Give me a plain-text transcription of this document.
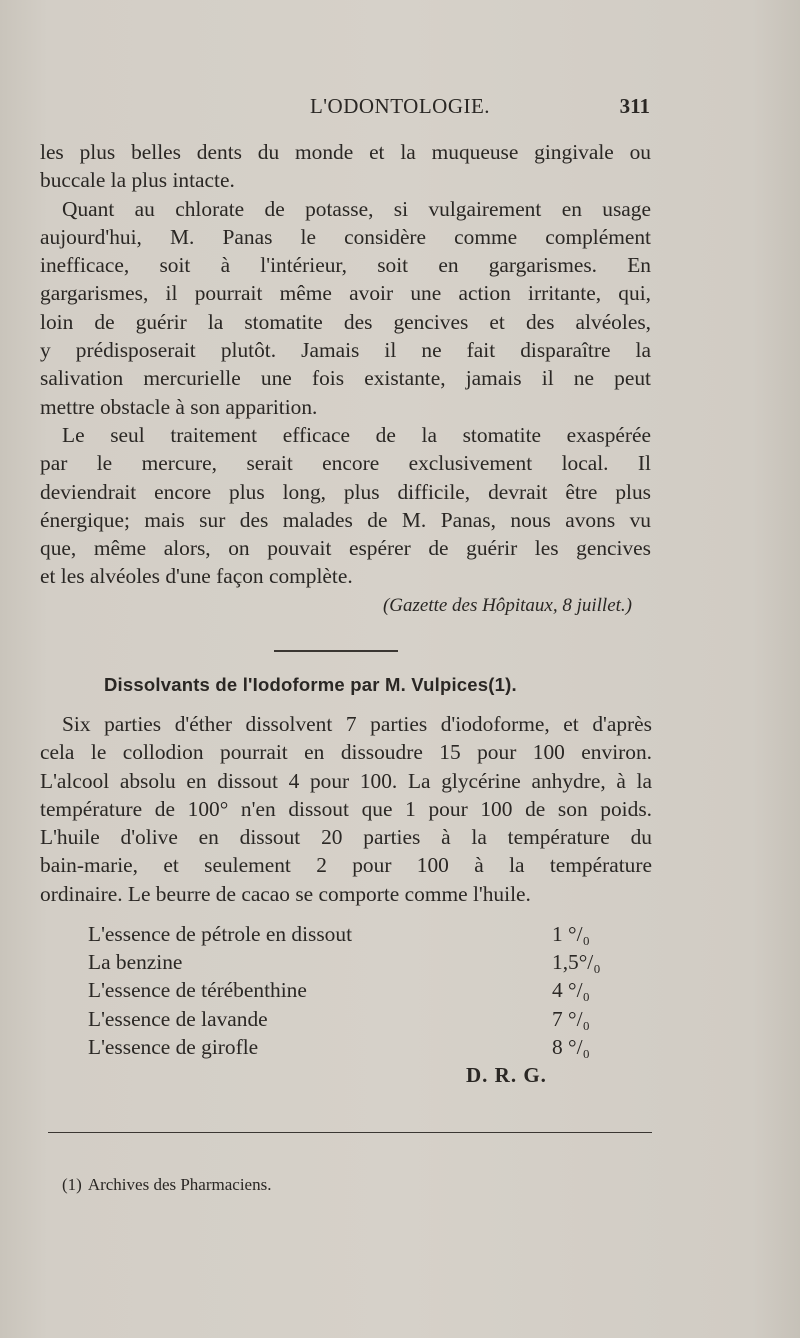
L'ODONTOLOGIE.	311
les plus belles dents du monde et la muqueuse gingivale ou
buccale la plus intacte.
Quant au chlorate de potasse, si vulgairement en usage
aujourd'hui, M. Panas le considère comme complément
inefficace, soit à l'intérieur, soit en gargarismes. En
gargarismes, il pourrait même avoir une action irritante, qui,
loin de guérir la stomatite des gencives et des alvéoles,
y prédisposerait plutôt. Jamais il ne fait disparaître la
salivation mercurielle une fois existante, jamais il ne peut
mettre obstacle à son apparition.
Le seul traitement efficace de la stomatite exaspérée
par le mercure, serait encore exclusivement local. Il
deviendrait encore plus long, plus difficile, devrait être plus
énergique; mais sur des malades de M. Panas, nous avons vu
que, même alors, on pouvait espérer de guérir les gencives
et les alvéoles d'une façon complète.
(Gazette des Hôpitaux, 8 juillet.)
Dissolvants de l'Iodoforme par M. Vulpices(1).
Six parties d'éther dissolvent 7 parties d'iodoforme, et d'après
cela le collodion pourrait en dissoudre 15 pour 100 environ.
L'alcool absolu en dissout 4 pour 100. La glycérine anhydre, à la
température de 100° n'en dissout que 1 pour 100 de son poids.
L'huile d'olive en dissout 20 parties à la température du
bain-marie, et seulement 2 pour 100 à la température
ordinaire. Le beurre de cacao se comporte comme l'huile.
L'essence de pétrole en dissout	1 °/₀
La benzine	1,5°/₀
L'essence de térébenthine	4 °/₀
L'essence de lavande	7 °/₀
L'essence de girofle	8 °/₀
D. R. G.
(1) Archives des Pharmaciens.
